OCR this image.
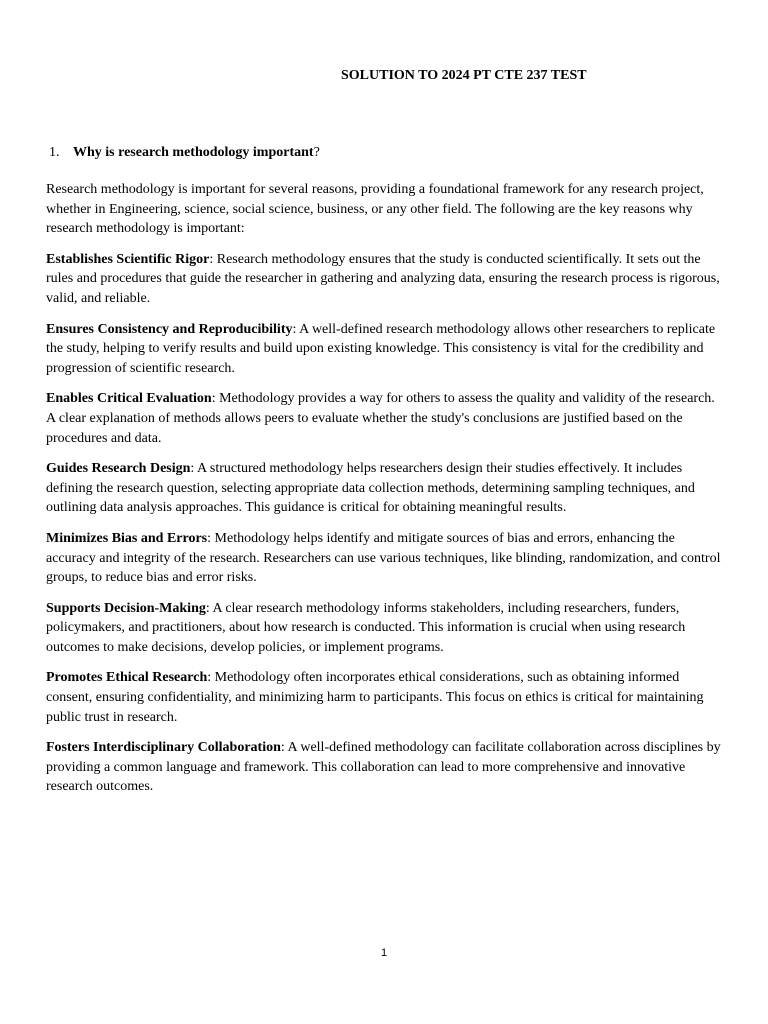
SOLUTION TO 2024 PT CTE 237 TEST
1. Why is research methodology important?

Research methodology is important for several reasons, providing a foundational framework for any research project, whether in Engineering, science, social science, business, or any other field. The following are the key reasons why research methodology is important:

Establishes Scientific Rigor: Research methodology ensures that the study is conducted scientifically. It sets out the rules and procedures that guide the researcher in gathering and analyzing data, ensuring the research process is rigorous, valid, and reliable.

Ensures Consistency and Reproducibility: A well-defined research methodology allows other researchers to replicate the study, helping to verify results and build upon existing knowledge. This consistency is vital for the credibility and progression of scientific research.

Enables Critical Evaluation: Methodology provides a way for others to assess the quality and validity of the research. A clear explanation of methods allows peers to evaluate whether the study's conclusions are justified based on the procedures and data.

Guides Research Design: A structured methodology helps researchers design their studies effectively. It includes defining the research question, selecting appropriate data collection methods, determining sampling techniques, and outlining data analysis approaches. This guidance is critical for obtaining meaningful results.

Minimizes Bias and Errors: Methodology helps identify and mitigate sources of bias and errors, enhancing the accuracy and integrity of the research. Researchers can use various techniques, like blinding, randomization, and control groups, to reduce bias and error risks.

Supports Decision-Making: A clear research methodology informs stakeholders, including researchers, funders, policymakers, and practitioners, about how research is conducted. This information is crucial when using research outcomes to make decisions, develop policies, or implement programs.

Promotes Ethical Research: Methodology often incorporates ethical considerations, such as obtaining informed consent, ensuring confidentiality, and minimizing harm to participants. This focus on ethics is critical for maintaining public trust in research.

Fosters Interdisciplinary Collaboration: A well-defined methodology can facilitate collaboration across disciplines by providing a common language and framework. This collaboration can lead to more comprehensive and innovative research outcomes.

1
